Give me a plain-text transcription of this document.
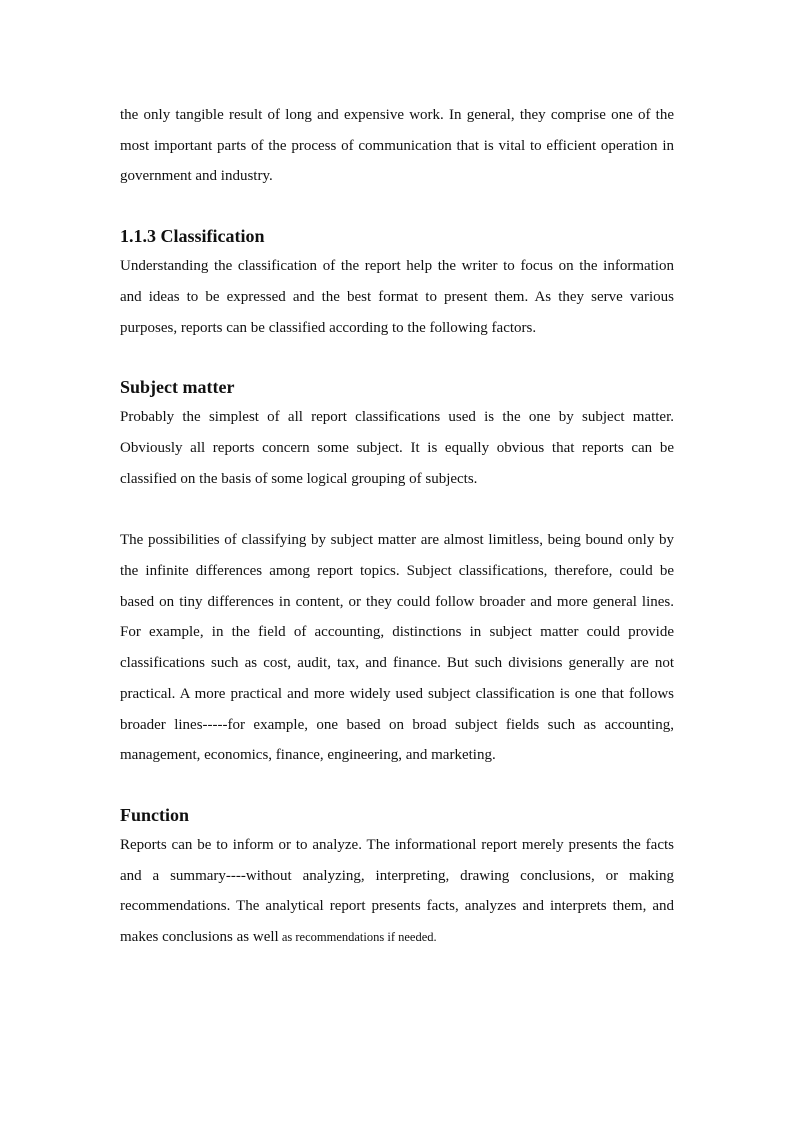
the only tangible result of long and expensive work. In general, they comprise one of the most important parts of the process of communication that is vital to efficient operation in government and industry.

1.1.3 Classification

Understanding the classification of the report help the writer to focus on the information and ideas to be expressed and the best format to present them. As they serve various purposes, reports can be classified according to the following factors.

Subject matter

Probably the simplest of all report classifications used is the one by subject matter. Obviously all reports concern some subject. It is equally obvious that reports can be classified on the basis of some logical grouping of subjects.

The possibilities of classifying by subject matter are almost limitless, being bound only by the infinite differences among report topics. Subject classifications, therefore, could be based on tiny differences in content, or they could follow broader and more general lines. For example, in the field of accounting, distinctions in subject matter could provide classifications such as cost, audit, tax, and finance. But such divisions generally are not practical. A more practical and more widely used subject classification is one that follows broader lines-----for example, one based on broad subject fields such as accounting, management, economics, finance, engineering, and marketing.

Function

Reports can be to inform or to analyze. The informational report merely presents the facts and a summary----without analyzing, interpreting, drawing conclusions, or making recommendations. The analytical report presents facts, analyzes and interprets them, and makes conclusions as well as recommendations if needed.
